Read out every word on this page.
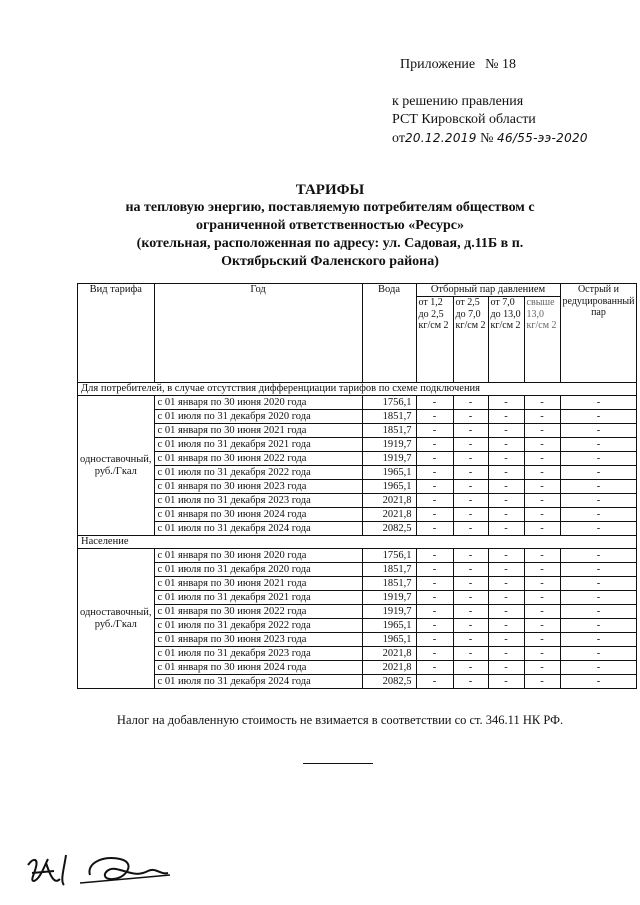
Приложение № 18
к решению правления
РСТ Кировской области
от20.12.2019 № 46/55-ээ-2020
ТАРИФЫ
на тепловую энергию, поставляемую потребителям обществом с
ограниченной ответственностью «Ресурс»
(котельная, расположенная по адресу: ул. Садовая, д.11Б в п.
Октябрьский Фаленского района)
Вид тарифа	Год	Вода	Отборный пар давлением				Острый и редуцированный пар
			от 1,2 до 2,5 кг/см 2	от 2,5 до 7,0 кг/см 2	от 7,0 до 13,0 кг/см 2	свыше 13,0 кг/см 2	
Для потребителей, в случае отсутствия дифференциации тарифов по схеме подключения							
одноставочный, руб./Гкал	с 01 января по 30 июня 2020 года	1756,1	-	-	-	-	-
	с 01 июля по 31 декабря 2020 года	1851,7	-	-	-	-	-
	с 01 января по 30 июня 2021 года	1851,7	-	-	-	-	-
	с 01 июля по 31 декабря 2021 года	1919,7	-	-	-	-	-
	с 01 января по 30 июня 2022 года	1919,7	-	-	-	-	-
	с 01 июля по 31 декабря 2022 года	1965,1	-	-	-	-	-
	с 01 января по 30 июня 2023 года	1965,1	-	-	-	-	-
	с 01 июля по 31 декабря 2023 года	2021,8	-	-	-	-	-
	с 01 января по 30 июня 2024 года	2021,8	-	-	-	-	-
	с 01 июля по 31 декабря 2024 года	2082,5	-	-	-	-	-
Население							
одноставочный, руб./Гкал	с 01 января по 30 июня 2020 года	1756,1	-	-	-	-	-
	с 01 июля по 31 декабря 2020 года	1851,7	-	-	-	-	-
	с 01 января по 30 июня 2021 года	1851,7	-	-	-	-	-
	с 01 июля по 31 декабря 2021 года	1919,7	-	-	-	-	-
	с 01 января по 30 июня 2022 года	1919,7	-	-	-	-	-
	с 01 июля по 31 декабря 2022 года	1965,1	-	-	-	-	-
	с 01 января по 30 июня 2023 года	1965,1	-	-	-	-	-
	с 01 июля по 31 декабря 2023 года	2021,8	-	-	-	-	-
	с 01 января по 30 июня 2024 года	2021,8	-	-	-	-	-
	с 01 июля по 31 декабря 2024 года	2082,5	-	-	-	-	-
Налог на добавленную стоимость не взимается в соответствии со ст. 346.11 НК РФ.
